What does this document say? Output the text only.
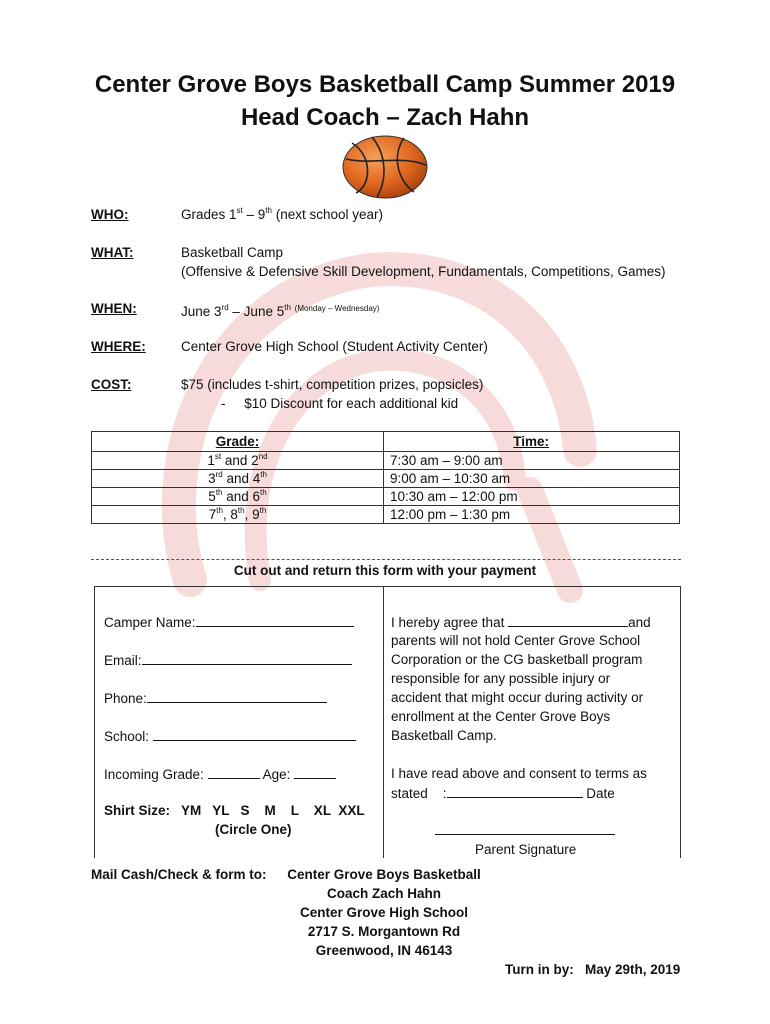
Center Grove Boys Basketball Camp Summer 2019
Head Coach – Zach Hahn
WHO:	Grades 1st – 9th (next school year)
WHAT:	Basketball Camp
(Offensive & Defensive Skill Development, Fundamentals, Competitions, Games)
WHEN:	June 3rd – June 5th $^{(Monday - Wednesday)}$
WHERE:	Center Grove High School (Student Activity Center)
COST:	$75 (includes t-shirt, competition prizes, popsicles)
-     $10 Discount for each additional kid
Grade:	Time:
1st and 2nd	7:30 am – 9:00 am
3rd and 4th	9:00 am – 10:30 am
5th and 6th	10:30 am – 12:00 pm
7th, 8th, 9th	12:00 pm – 1:30 pm
Cut out and return this form with your payment
Camper Name:
Email:
Phone:
School:
Incoming Grade:	Age:
Shirt Size: YM   YL   S    M    L    XL  XXL
(Circle One)
I hereby agree that	and
parents will not hold Center Grove School
Corporation or the CG basketball program
responsible for any possible injury or
accident that might occur during activity or
enrollment at the Center Grove Boys
Basketball Camp.
I have read above and consent to terms as
stated    :	Date
Parent Signature
Mail Cash/Check & form to:	Center Grove Boys Basketball
Coach Zach Hahn
Center Grove High School
2717 S. Morgantown Rd
Greenwood, IN 46143
Turn in by: May 29th, 2019
